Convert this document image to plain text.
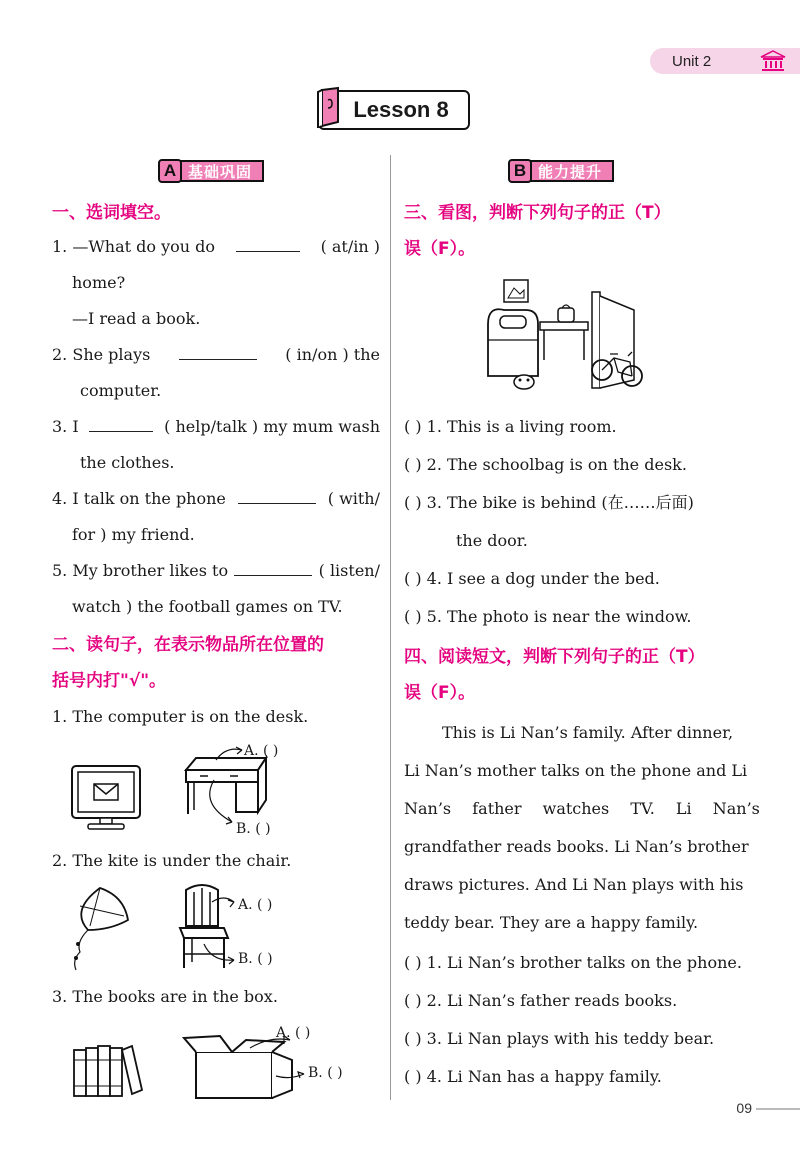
Unit 2
Lesson 8
A 基础巩固	B 能力提升
一、选词填空。
1. —What do you do	( at/in )
home?
—I read a book.
2. She plays	( in/on ) the
computer.
3. I	( help/talk ) my mum wash
the clothes.
4. I talk on the phone	( with/
for ) my friend.
5. My brother likes to	( listen/
watch ) the football games on TV.
二、读句子，在表示物品所在位置的
括号内打"√"。
1. The computer is on the desk.
A. ( )
B. ( )
2. The kite is under the chair.
A. ( )
B. ( )
3. The books are in the box.
A. ( )
B. ( )
三、看图，判断下列句子的正（T）
误（F）。
( ) 1. This is a living room.
( ) 2. The schoolbag is on the desk.
( ) 3. The bike is behind (在……后面)
the door.
( ) 4. I see a dog under the bed.
( ) 5. The photo is near the window.
四、阅读短文，判断下列句子的正（T）
误（F）。
This is Li Nan’s family. After dinner,
Li Nan’s mother talks on the phone and Li
Nan’s father watches TV. Li Nan’s
grandfather reads books. Li Nan’s brother
draws pictures. And Li Nan plays with his
teddy bear. They are a happy family.
( ) 1. Li Nan’s brother talks on the phone.
( ) 2. Li Nan’s father reads books.
( ) 3. Li Nan plays with his teddy bear.
( ) 4. Li Nan has a happy family.
09
